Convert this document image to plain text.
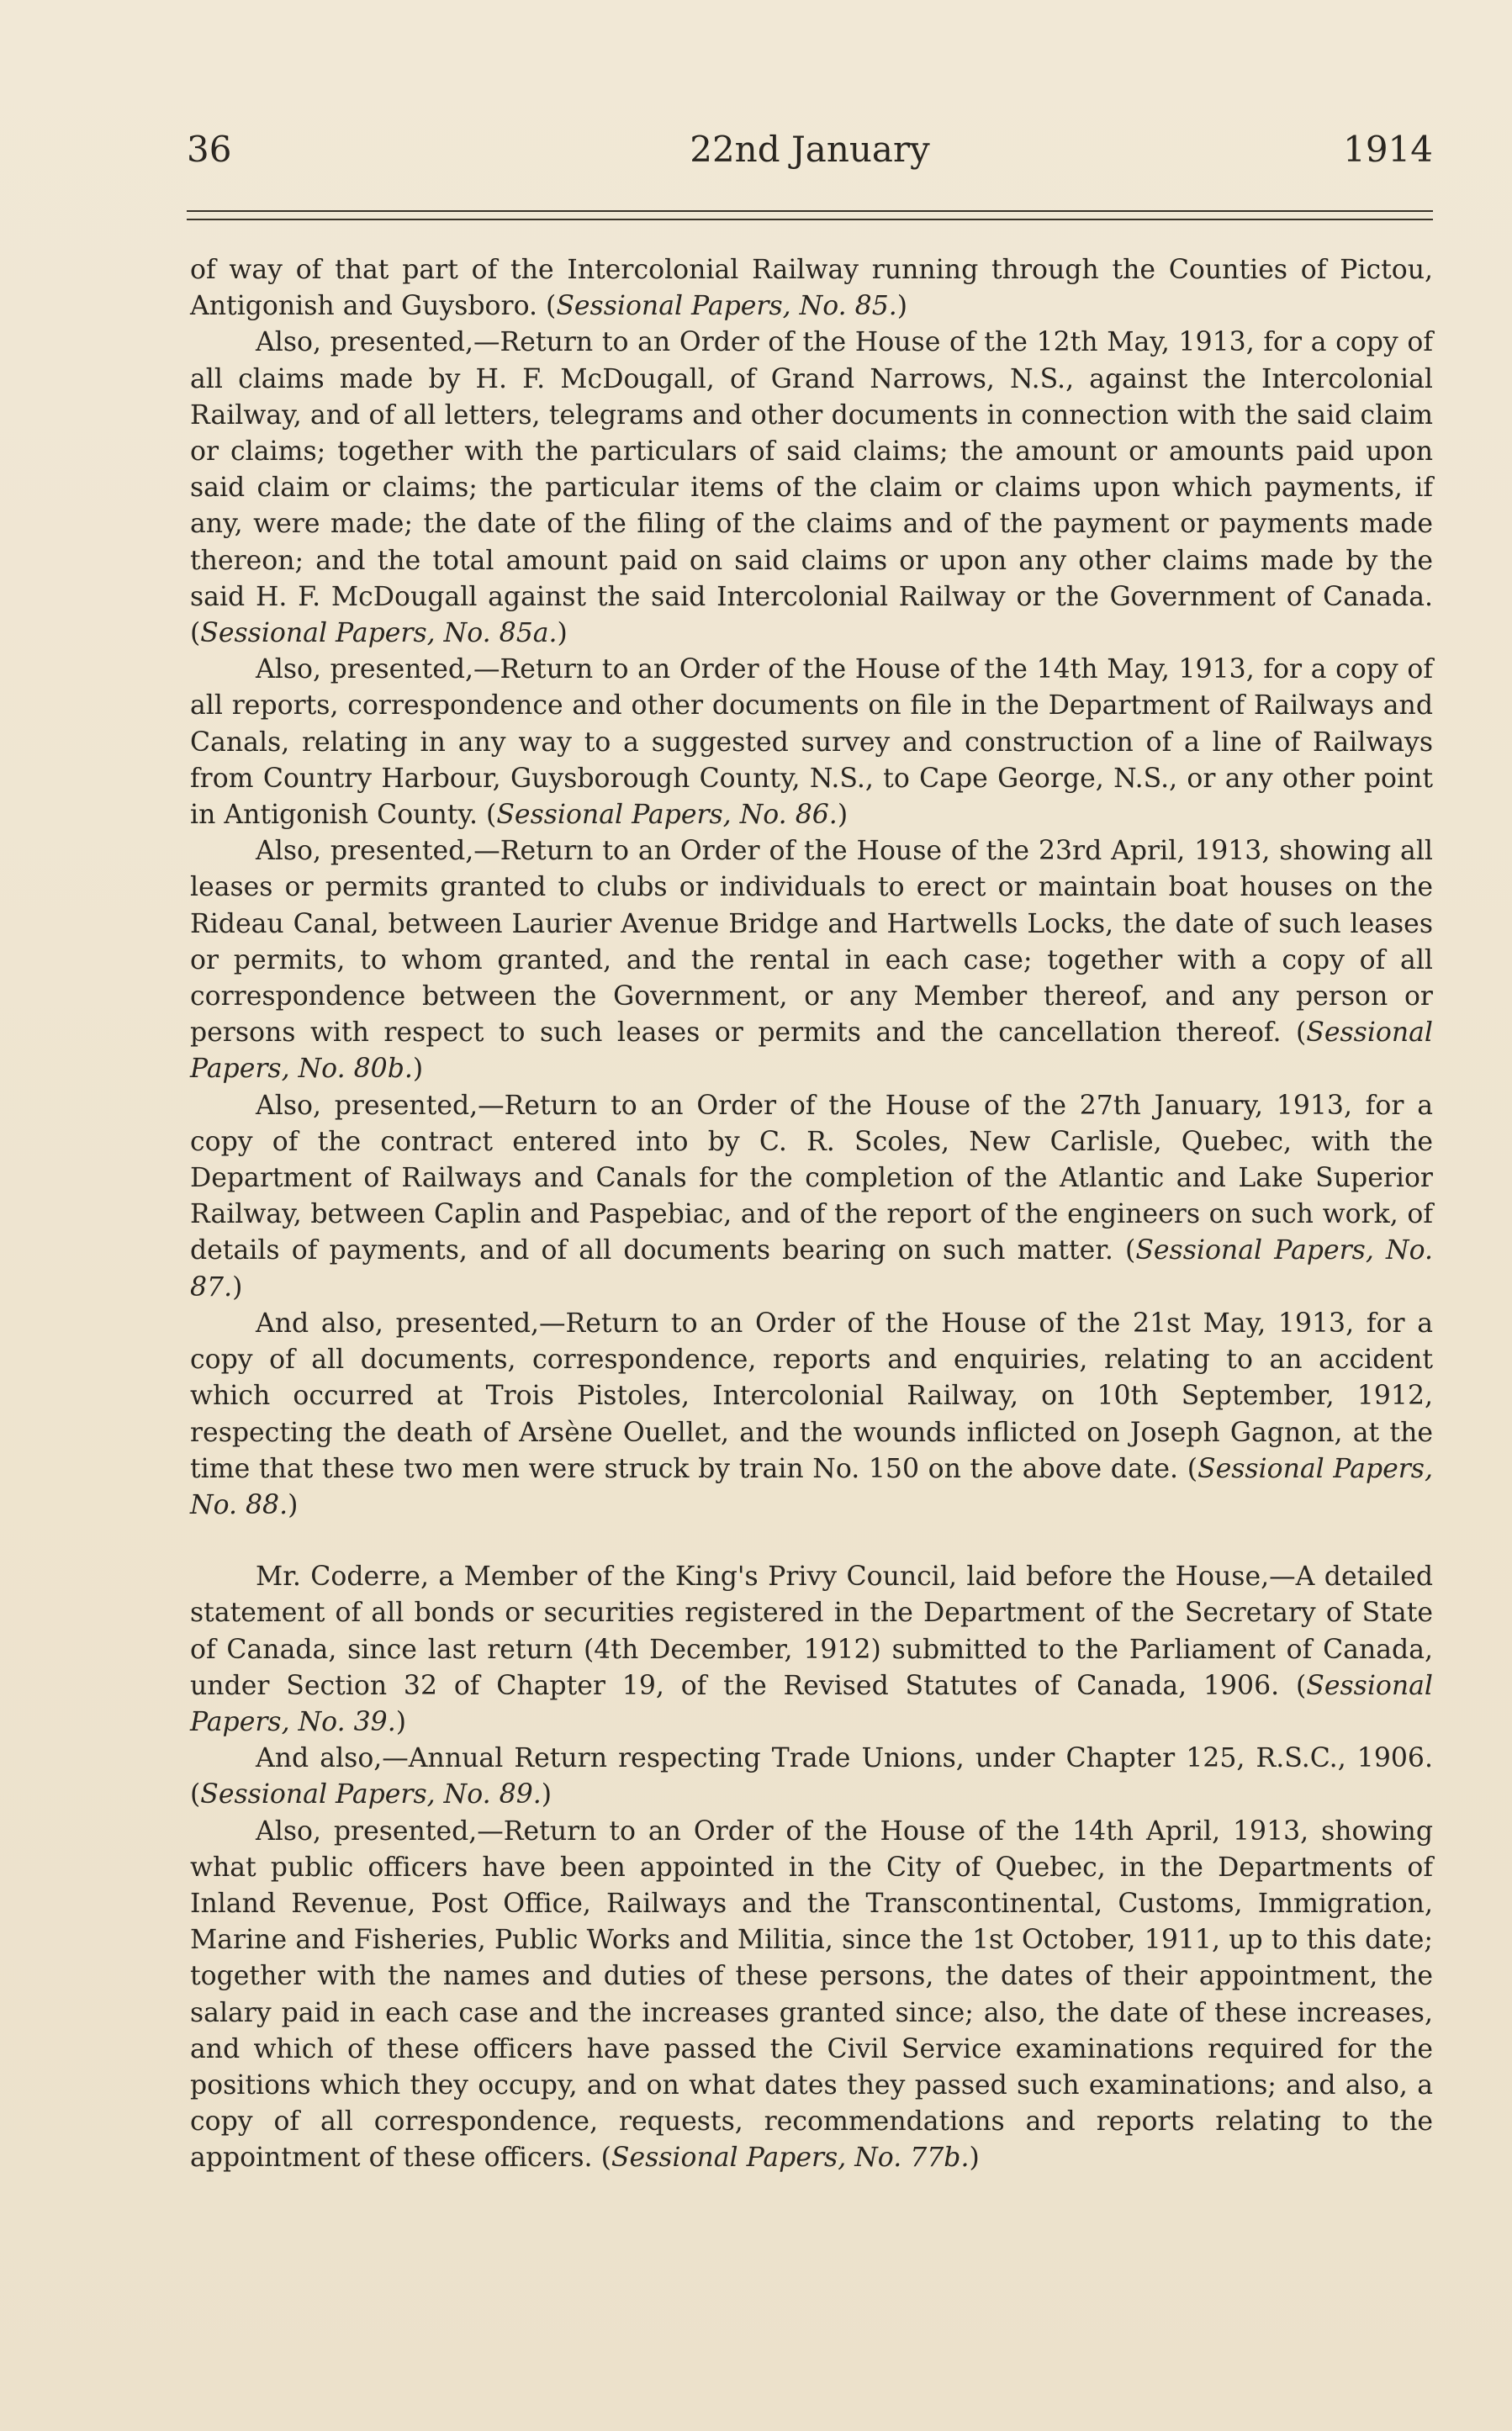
36	22nd January	1914

of way of that part of the Intercolonial Railway running through the Counties of Pictou, Antigonish and Guysboro. (Sessional Papers, No. 85.)

Also, presented,—Return to an Order of the House of the 12th May, 1913, for a copy of all claims made by H. F. McDougall, of Grand Narrows, N.S., against the Intercolonial Railway, and of all letters, telegrams and other documents in connection with the said claim or claims; together with the particulars of said claims; the amount or amounts paid upon said claim or claims; the particular items of the claim or claims upon which payments, if any, were made; the date of the filing of the claims and of the payment or payments made thereon; and the total amount paid on said claims or upon any other claims made by the said H. F. McDougall against the said Intercolonial Railway or the Government of Canada. (Sessional Papers, No. 85a.)

Also, presented,—Return to an Order of the House of the 14th May, 1913, for a copy of all reports, correspondence and other documents on file in the Department of Railways and Canals, relating in any way to a suggested survey and construction of a line of Railways from Country Harbour, Guysborough County, N.S., to Cape George, N.S., or any other point in Antigonish County. (Sessional Papers, No. 86.)

Also, presented,—Return to an Order of the House of the 23rd April, 1913, showing all leases or permits granted to clubs or individuals to erect or maintain boat houses on the Rideau Canal, between Laurier Avenue Bridge and Hartwells Locks, the date of such leases or permits, to whom granted, and the rental in each case; together with a copy of all correspondence between the Government, or any Member thereof, and any person or persons with respect to such leases or permits and the cancellation thereof. (Sessional Papers, No. 80b.)

Also, presented,—Return to an Order of the House of the 27th January, 1913, for a copy of the contract entered into by C. R. Scoles, New Carlisle, Quebec, with the Department of Railways and Canals for the completion of the Atlantic and Lake Superior Railway, between Caplin and Paspebiac, and of the report of the engineers on such work, of details of payments, and of all documents bearing on such matter. (Sessional Papers, No. 87.)

And also, presented,—Return to an Order of the House of the 21st May, 1913, for a copy of all documents, correspondence, reports and enquiries, relating to an accident which occurred at Trois Pistoles, Intercolonial Railway, on 10th September, 1912, respecting the death of Arsène Ouellet, and the wounds inflicted on Joseph Gagnon, at the time that these two men were struck by train No. 150 on the above date. (Sessional Papers, No. 88.)

Mr. Coderre, a Member of the King's Privy Council, laid before the House,—A detailed statement of all bonds or securities registered in the Department of the Secretary of State of Canada, since last return (4th December, 1912) submitted to the Parliament of Canada, under Section 32 of Chapter 19, of the Revised Statutes of Canada, 1906. (Sessional Papers, No. 39.)

And also,—Annual Return respecting Trade Unions, under Chapter 125, R.S.C., 1906. (Sessional Papers, No. 89.)

Also, presented,—Return to an Order of the House of the 14th April, 1913, showing what public officers have been appointed in the City of Quebec, in the Departments of Inland Revenue, Post Office, Railways and the Transcontinental, Customs, Immigration, Marine and Fisheries, Public Works and Militia, since the 1st October, 1911, up to this date; together with the names and duties of these persons, the dates of their appointment, the salary paid in each case and the increases granted since; also, the date of these increases, and which of these officers have passed the Civil Service examinations required for the positions which they occupy, and on what dates they passed such examinations; and also, a copy of all correspondence, requests, recommendations and reports relating to the appointment of these officers. (Sessional Papers, No. 77b.)
